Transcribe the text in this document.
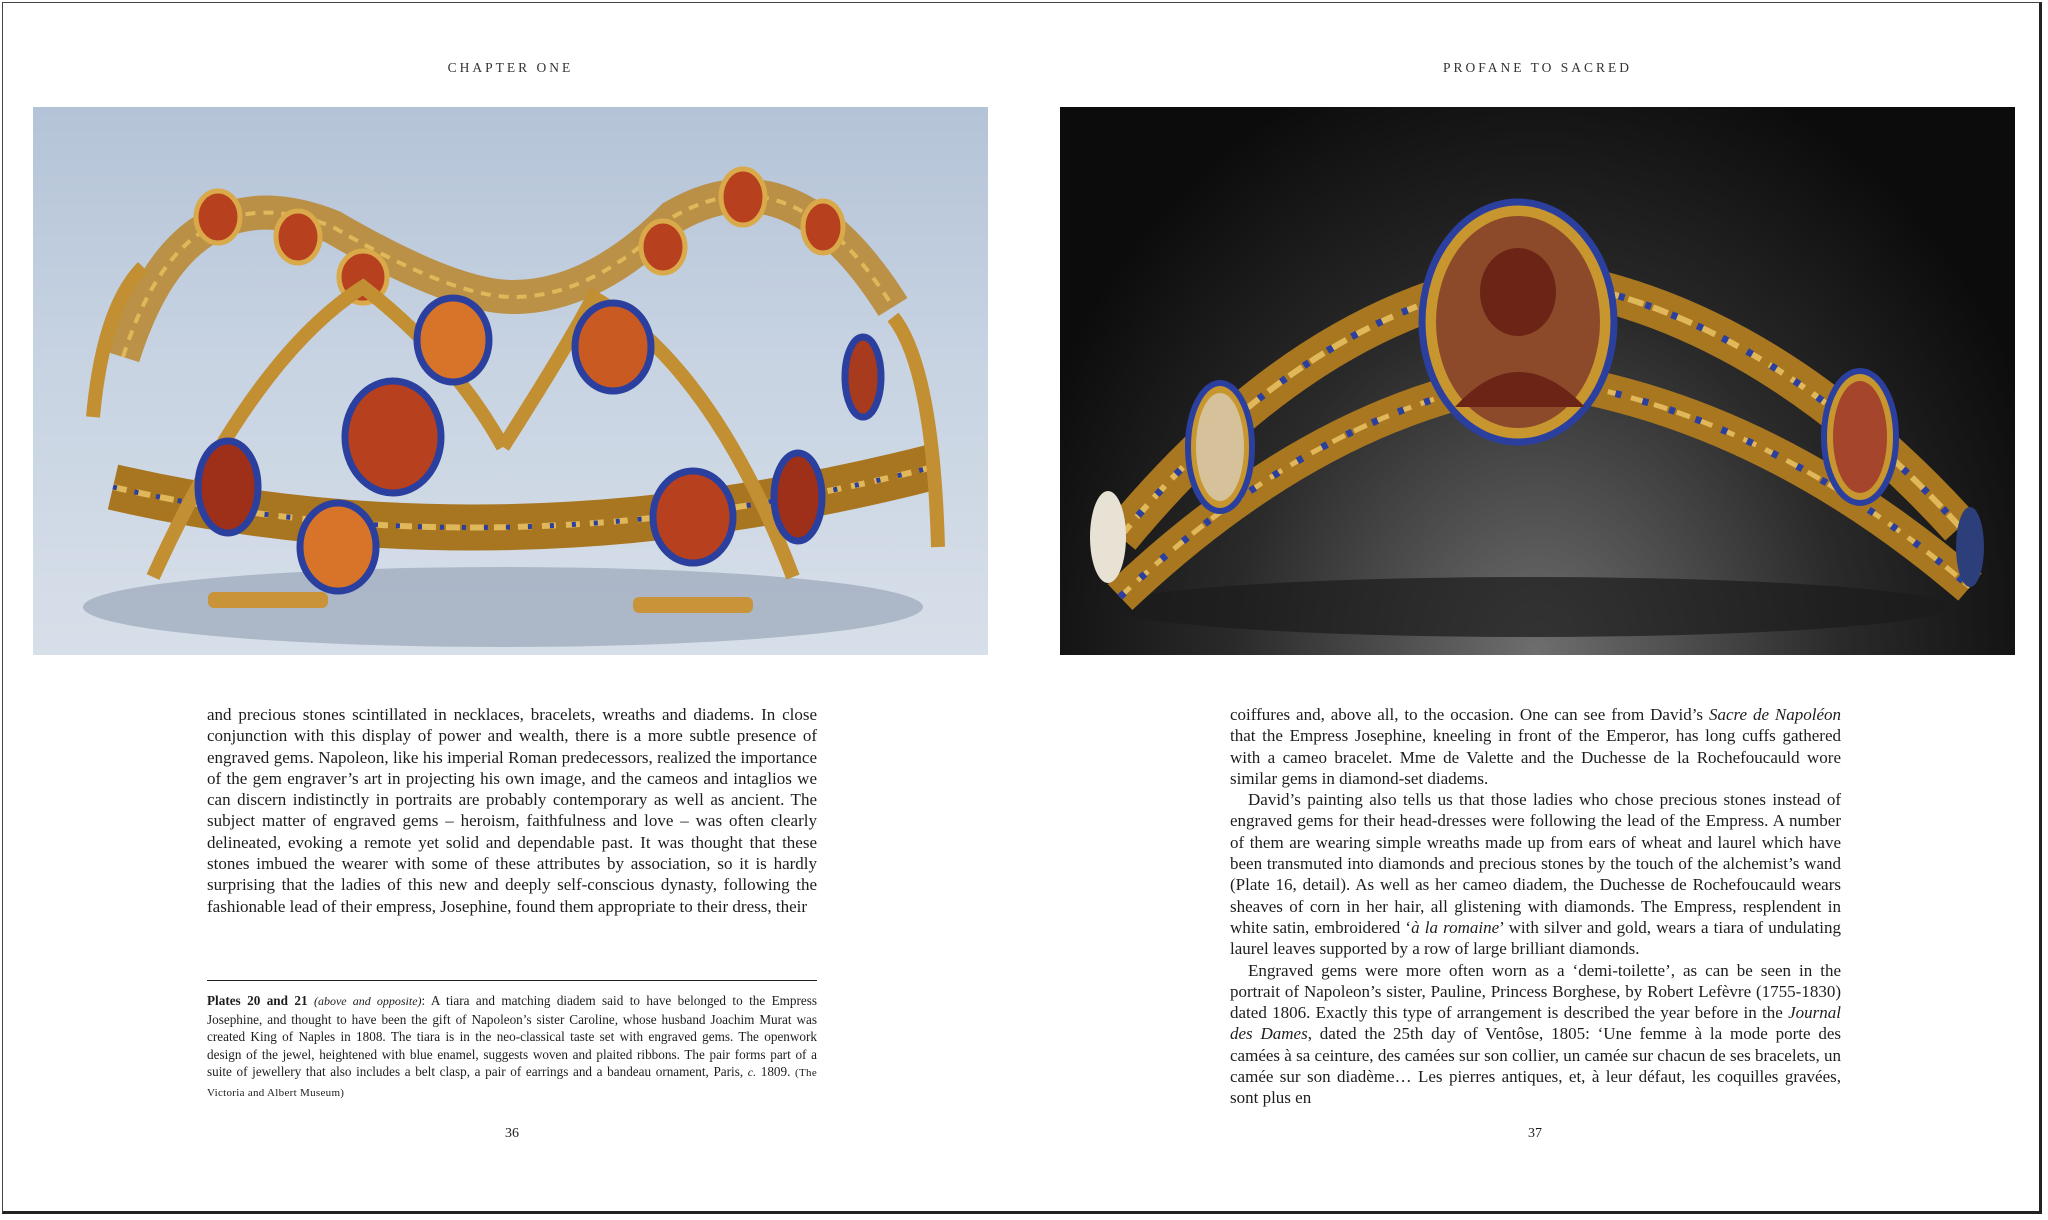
CHAPTER ONE	PROFANE TO SACRED

and precious stones scintillated in necklaces, bracelets, wreaths and diadems. In close conjunction with this display of power and wealth, there is a more subtle presence of engraved gems. Napoleon, like his imperial Roman predecessors, realized the importance of the gem engraver’s art in projecting his own image, and the cameos and intaglios we can discern indistinctly in portraits are probably contemporary as well as ancient. The subject matter of engraved gems – heroism, faithfulness and love – was often clearly delineated, evoking a remote yet solid and dependable past. It was thought that these stones imbued the wearer with some of these attributes by association, so it is hardly surprising that the ladies of this new and deeply self-conscious dynasty, following the fashionable lead of their empress, Josephine, found them appropriate to their dress, their

Plates 20 and 21 (above and opposite): A tiara and matching diadem said to have belonged to the Empress Josephine, and thought to have been the gift of Napoleon’s sister Caroline, whose husband Joachim Murat was created King of Naples in 1808. The tiara is in the neo-classical taste set with engraved gems. The openwork design of the jewel, heightened with blue enamel, suggests woven and plaited ribbons. The pair forms part of a suite of jewellery that also includes a belt clasp, a pair of earrings and a bandeau ornament, Paris, c. 1809. (The Victoria and Albert Museum)

coiffures and, above all, to the occasion. One can see from David’s Sacre de Napoléon that the Empress Josephine, kneeling in front of the Emperor, has long cuffs gathered with a cameo bracelet. Mme de Valette and the Duchesse de la Rochefoucauld wore similar gems in diamond-set diadems.

David’s painting also tells us that those ladies who chose precious stones instead of engraved gems for their head-dresses were following the lead of the Empress. A number of them are wearing simple wreaths made up from ears of wheat and laurel which have been transmuted into diamonds and precious stones by the touch of the alchemist’s wand (Plate 16, detail). As well as her cameo diadem, the Duchesse de Rochefoucauld wears sheaves of corn in her hair, all glistening with diamonds. The Empress, resplendent in white satin, embroidered ‘à la romaine’ with silver and gold, wears a tiara of undulating laurel leaves supported by a row of large brilliant diamonds.

Engraved gems were more often worn as a ‘demi-toilette’, as can be seen in the portrait of Napoleon’s sister, Pauline, Princess Borghese, by Robert Lefèvre (1755-1830) dated 1806. Exactly this type of arrangement is described the year before in the Journal des Dames, dated the 25th day of Ventôse, 1805: ‘Une femme à la mode porte des camées à sa ceinture, des camées sur son collier, un camée sur chacun de ses bracelets, un camée sur son diadème… Les pierres antiques, et, à leur défaut, les coquilles gravées, sont plus en

36	37
